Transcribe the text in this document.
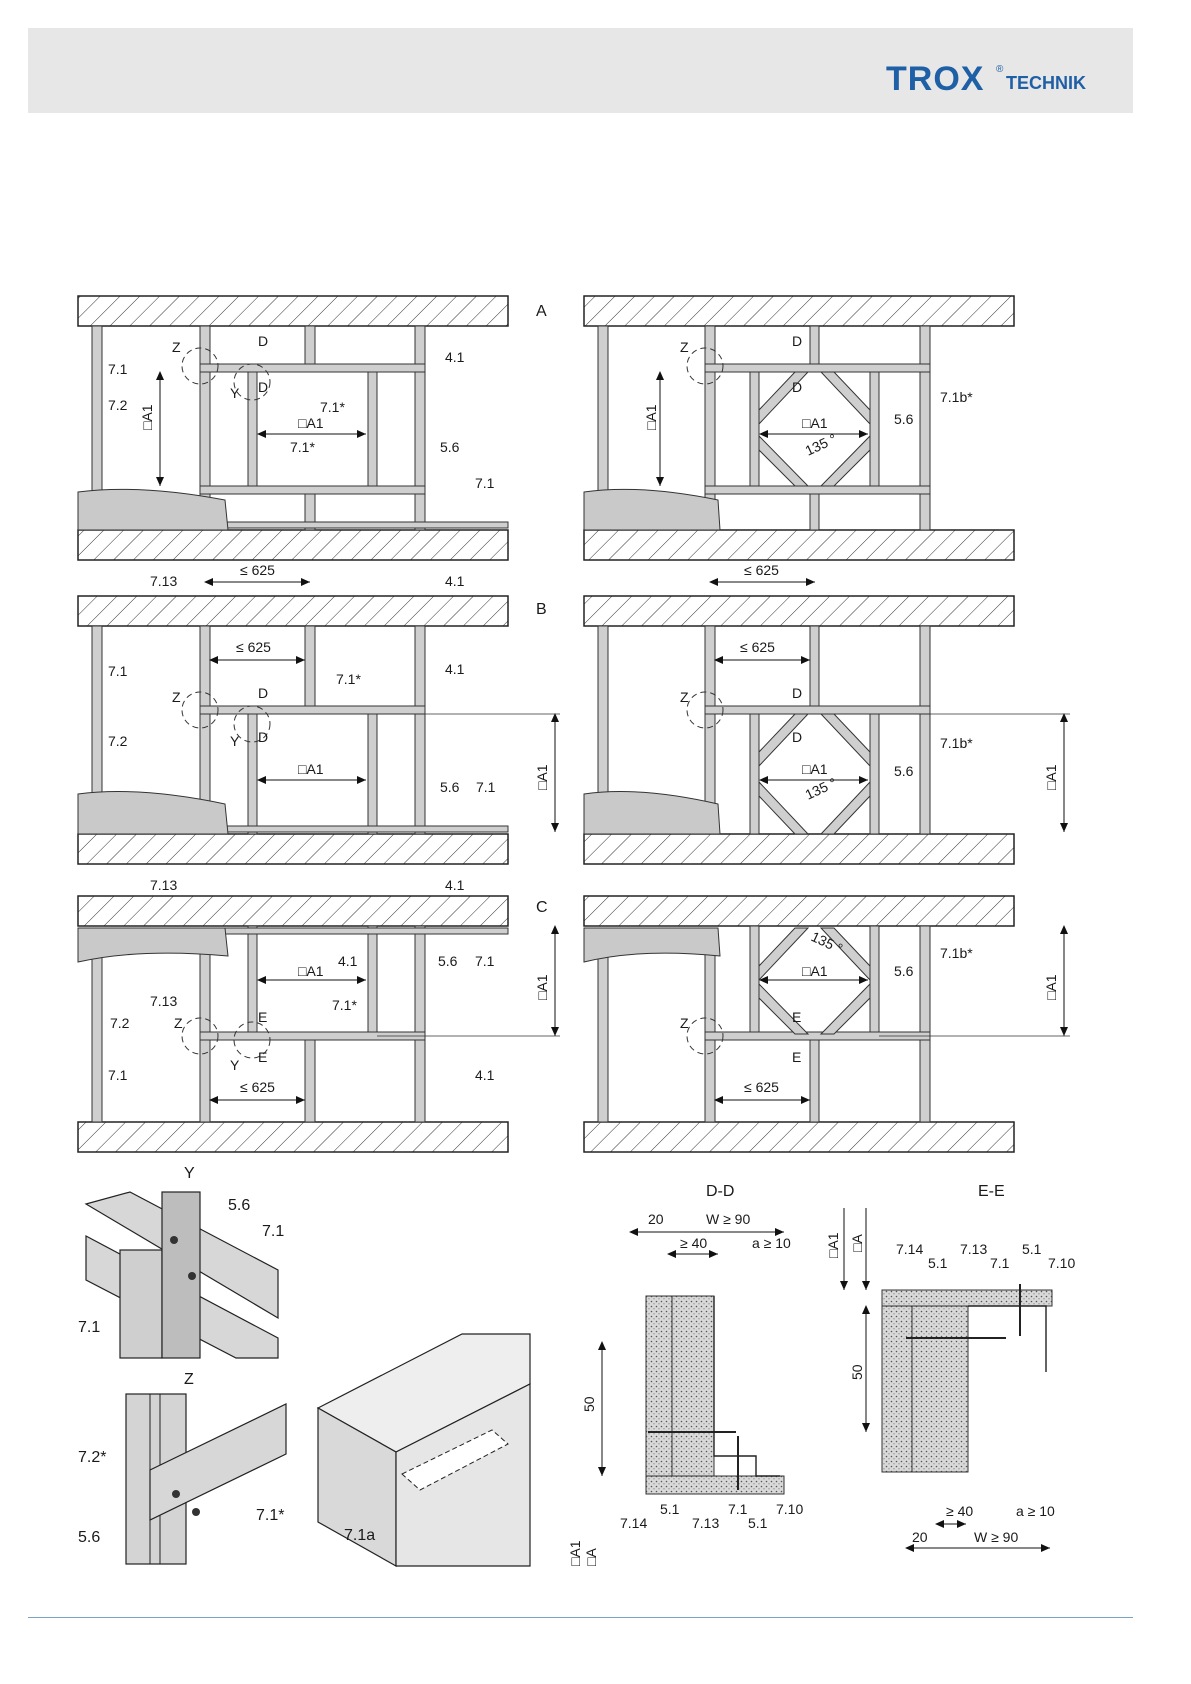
TROX ®
TECHNIK
A
□A1	□A1
≤ 625
7.1
7.2	7.1*
7.1*	5.6
7.1
4.1
4.1
7.13
Z
Y
D
D
□A1	□A1
≤ 625
7.1b*
5.6
135 °
Z	D
D
B
≤ 625
□A1	□A1
7.1
7.2
7.1*
5.6 7.1
4.1
4.1
7.13
Z
Y
D
D
≤ 625
□A1	□A1
7.1b*
5.6
135 °
Z	D
D
C
□A1
≤ 625
□A1
7.13
7.2
7.1
4.1
4.1
5.6 7.1
7.1*
Z
Y
E
E
□A1
≤ 625
□A1
7.1b*
5.6
135 °
Z	E
E
Y
5.6
7.1
7.1
Z
7.2*
7.1*
5.6	7.1a
D-D
20	W ≥ 90
≥ 40	a ≥ 10
50
□A1 □A
7.14
5.1
7.13
7.1
5.1
7.10
E-E
□A1 □A
50
7.14	7.13 5.1
5.1	7.1	7.10
≥ 40	a ≥ 10
20	W ≥ 90
